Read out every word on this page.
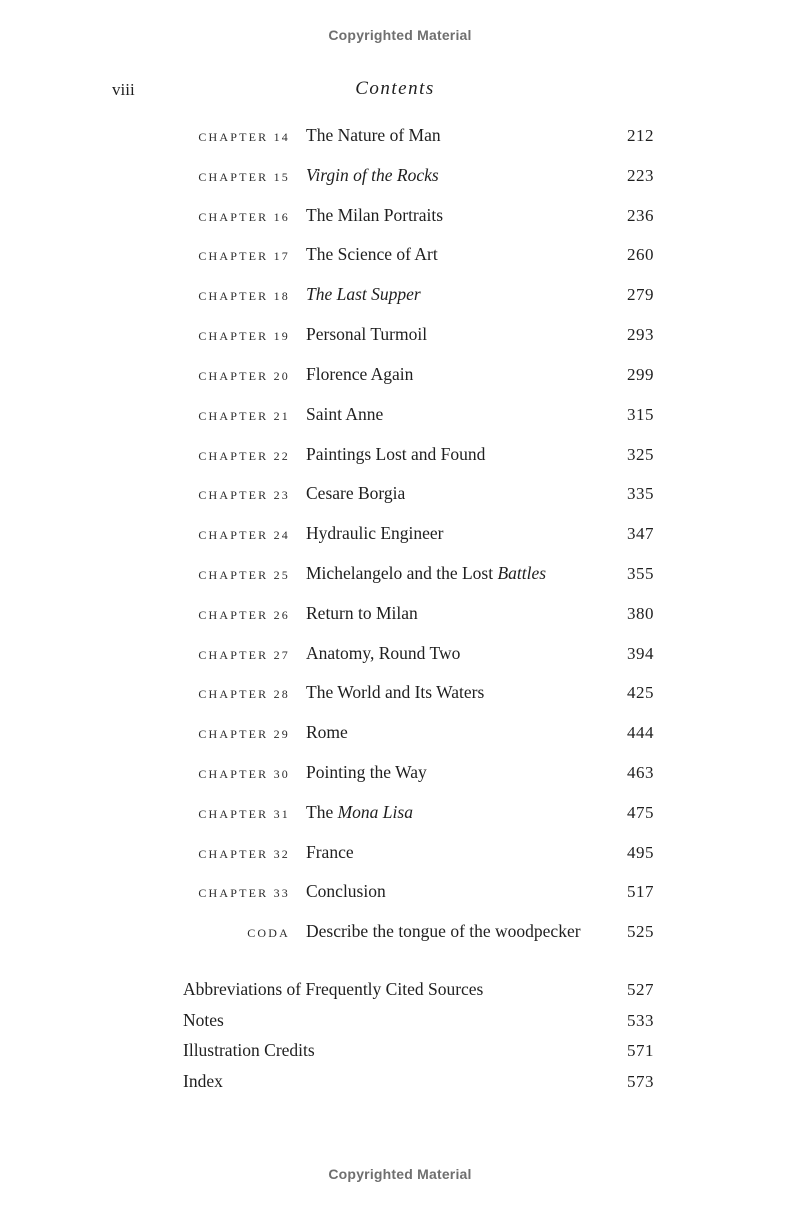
Copyrighted Material
viii	Contents
CHAPTER 14 The Nature of Man	212
CHAPTER 15 Virgin of the Rocks	223
CHAPTER 16 The Milan Portraits	236
CHAPTER 17 The Science of Art	260
CHAPTER 18 The Last Supper	279
CHAPTER 19 Personal Turmoil	293
CHAPTER 20 Florence Again	299
CHAPTER 21 Saint Anne	315
CHAPTER 22 Paintings Lost and Found	325
CHAPTER 23 Cesare Borgia	335
CHAPTER 24 Hydraulic Engineer	347
CHAPTER 25 Michelangelo and the Lost Battles	355
CHAPTER 26 Return to Milan	380
CHAPTER 27 Anatomy, Round Two	394
CHAPTER 28 The World and Its Waters	425
CHAPTER 29 Rome	444
CHAPTER 30 Pointing the Way	463
CHAPTER 31 The Mona Lisa	475
CHAPTER 32 France	495
CHAPTER 33 Conclusion	517
CODA Describe the tongue of the woodpecker	525
Abbreviations of Frequently Cited Sources	527
Notes	533
Illustration Credits	571
Index	573
Copyrighted Material
